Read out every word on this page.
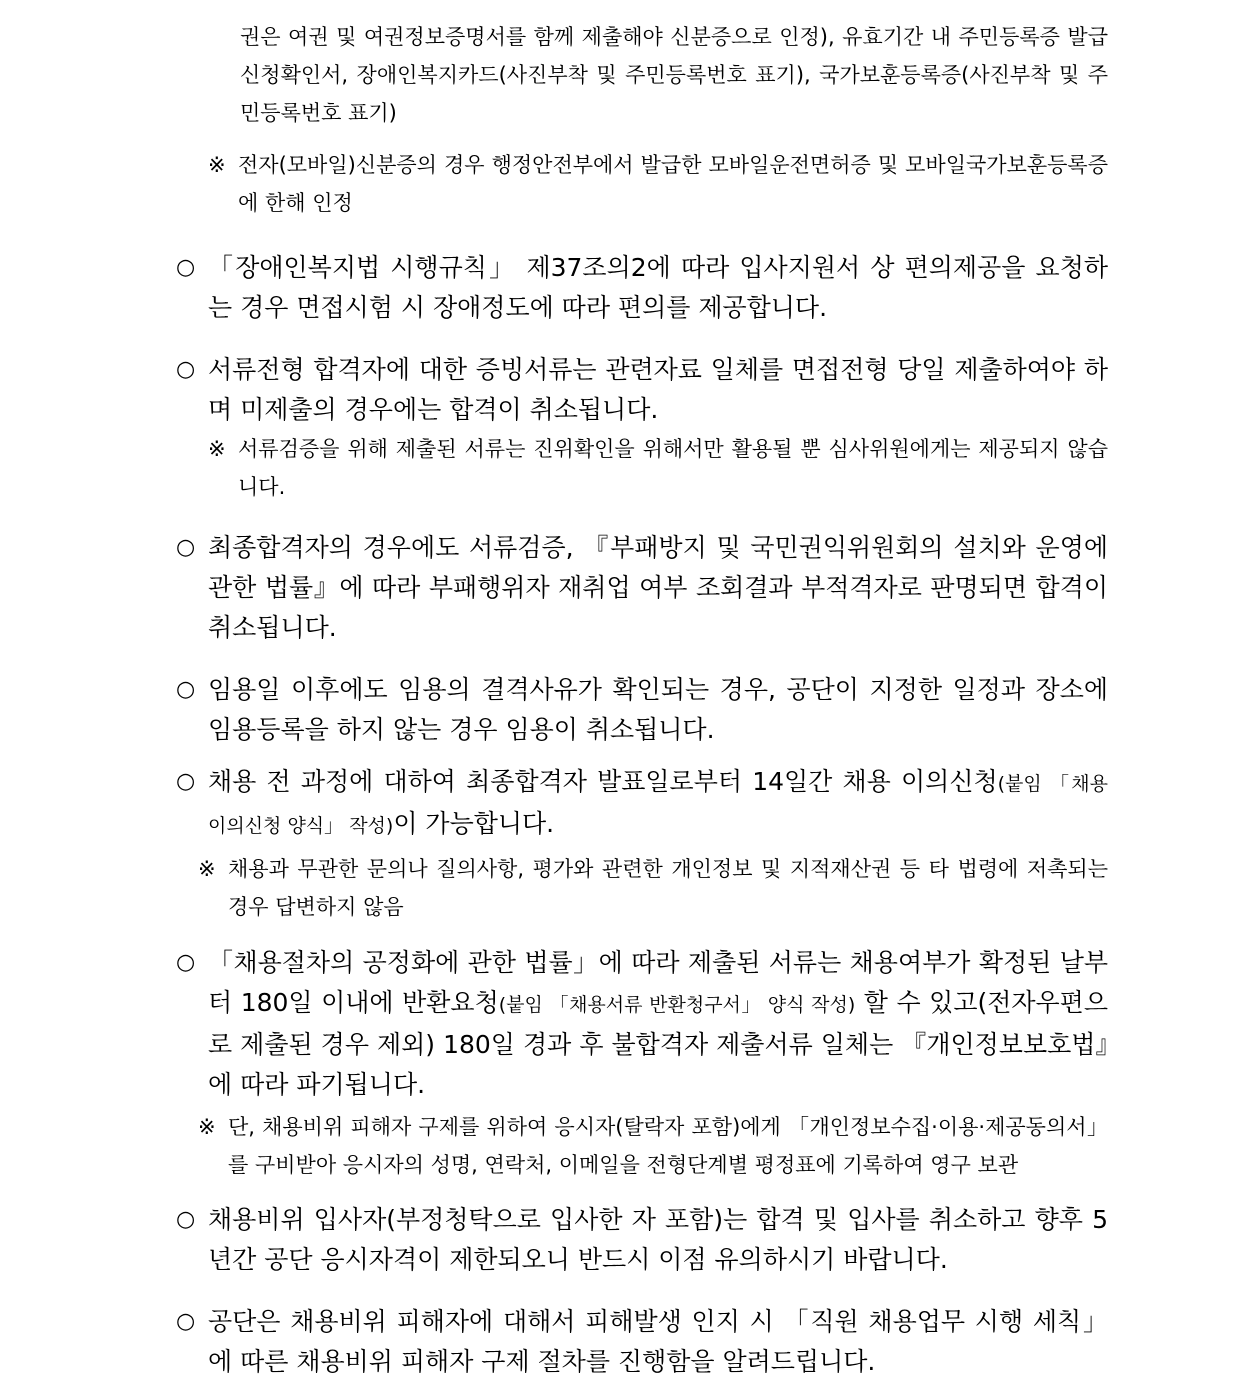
권은 여권 및 여권정보증명서를 함께 제출해야 신분증으로 인정), 유효기간 내 주민등록증 발급신청확인서, 장애인복지카드(사진부착 및 주민등록번호 표기), 국가보훈등록증(사진부착 및 주민등록번호 표기)
※ 전자(모바일)신분증의 경우 행정안전부에서 발급한 모바일운전면허증 및 모바일국가보훈등록증에 한해 인정
○ 「장애인복지법 시행규칙」 제37조의2에 따라 입사지원서 상 편의제공을 요청하는 경우 면접시험 시 장애정도에 따라 편의를 제공합니다.
○ 서류전형 합격자에 대한 증빙서류는 관련자료 일체를 면접전형 당일 제출하여야 하며 미제출의 경우에는 합격이 취소됩니다.
※ 서류검증을 위해 제출된 서류는 진위확인을 위해서만 활용될 뿐 심사위원에게는 제공되지 않습니다.
○ 최종합격자의 경우에도 서류검증, 『부패방지 및 국민권익위원회의 설치와 운영에 관한 법률』에 따라 부패행위자 재취업 여부 조회결과 부적격자로 판명되면 합격이 취소됩니다.
○ 임용일 이후에도 임용의 결격사유가 확인되는 경우, 공단이 지정한 일정과 장소에 임용등록을 하지 않는 경우 임용이 취소됩니다.
○ 채용 전 과정에 대하여 최종합격자 발표일로부터 14일간 채용 이의신청(붙임 「채용 이의신청 양식」 작성)이 가능합니다.
※ 채용과 무관한 문의나 질의사항, 평가와 관련한 개인정보 및 지적재산권 등 타 법령에 저촉되는 경우 답변하지 않음
○ 「채용절차의 공정화에 관한 법률」에 따라 제출된 서류는 채용여부가 확정된 날부터 180일 이내에 반환요청(붙임 「채용서류 반환청구서」 양식 작성) 할 수 있고(전자우편으로 제출된 경우 제외) 180일 경과 후 불합격자 제출서류 일체는 『개인정보보호법』에 따라 파기됩니다.
※ 단, 채용비위 피해자 구제를 위하여 응시자(탈락자 포함)에게 「개인정보수집·이용·제공동의서」를 구비받아 응시자의 성명, 연락처, 이메일을 전형단계별 평정표에 기록하여 영구 보관
○ 채용비위 입사자(부정청탁으로 입사한 자 포함)는 합격 및 입사를 취소하고 향후 5년간 공단 응시자격이 제한되오니 반드시 이점 유의하시기 바랍니다.
○ 공단은 채용비위 피해자에 대해서 피해발생 인지 시 「직원 채용업무 시행 세칙」에 따른 채용비위 피해자 구제 절차를 진행함을 알려드립니다.
